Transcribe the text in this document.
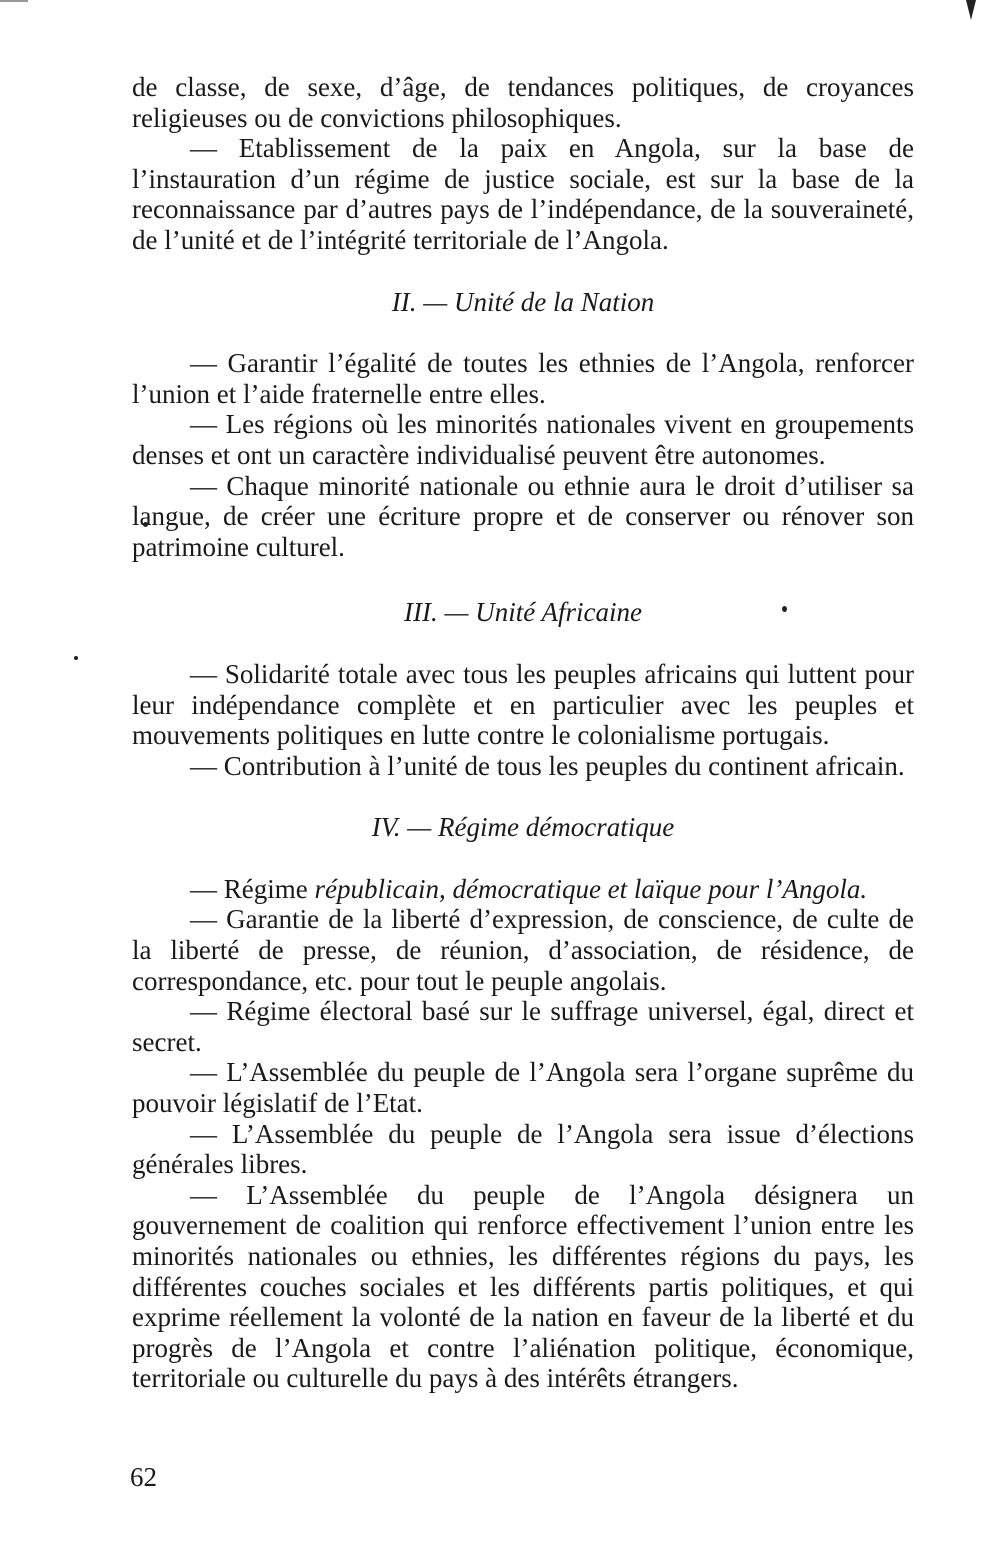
de classe, de sexe, d’âge, de tendances politiques, de croyances religieuses ou de convictions philosophiques.

— Etablissement de la paix en Angola, sur la base de l’instauration d’un régime de justice sociale, est sur la base de la reconnaissance par d’autres pays de l’indépendance, de la souveraineté, de l’unité et de l’intégrité territoriale de l’Angola.

II. — Unité de la Nation

— Garantir l’égalité de toutes les ethnies de l’Angola, renforcer l’union et l’aide fraternelle entre elles.

— Les régions où les minorités nationales vivent en groupements denses et ont un caractère individualisé peuvent être autonomes.

— Chaque minorité nationale ou ethnie aura le droit d’utiliser sa langue, de créer une écriture propre et de conserver ou rénover son patrimoine culturel.

III. — Unité Africaine

— Solidarité totale avec tous les peuples africains qui luttent pour leur indépendance complète et en particulier avec les peuples et mouvements politiques en lutte contre le colonialisme portugais.

— Contribution à l’unité de tous les peuples du continent africain.

IV. — Régime démocratique

— Régime républicain, démocratique et laïque pour l’Angola.

— Garantie de la liberté d’expression, de conscience, de culte de la liberté de presse, de réunion, d’association, de résidence, de correspondance, etc. pour tout le peuple angolais.

— Régime électoral basé sur le suffrage universel, égal, direct et secret.

— L’Assemblée du peuple de l’Angola sera l’organe suprême du pouvoir législatif de l’Etat.

— L’Assemblée du peuple de l’Angola sera issue d’élections générales libres.

— L’Assemblée du peuple de l’Angola désignera un gouvernement de coalition qui renforce effectivement l’union entre les minorités nationales ou ethnies, les différentes régions du pays, les différentes couches sociales et les différents partis politiques, et qui exprime réellement la volonté de la nation en faveur de la liberté et du progrès de l’Angola et contre l’aliénation politique, économique, territoriale ou culturelle du pays à des intérêts étrangers.

62
